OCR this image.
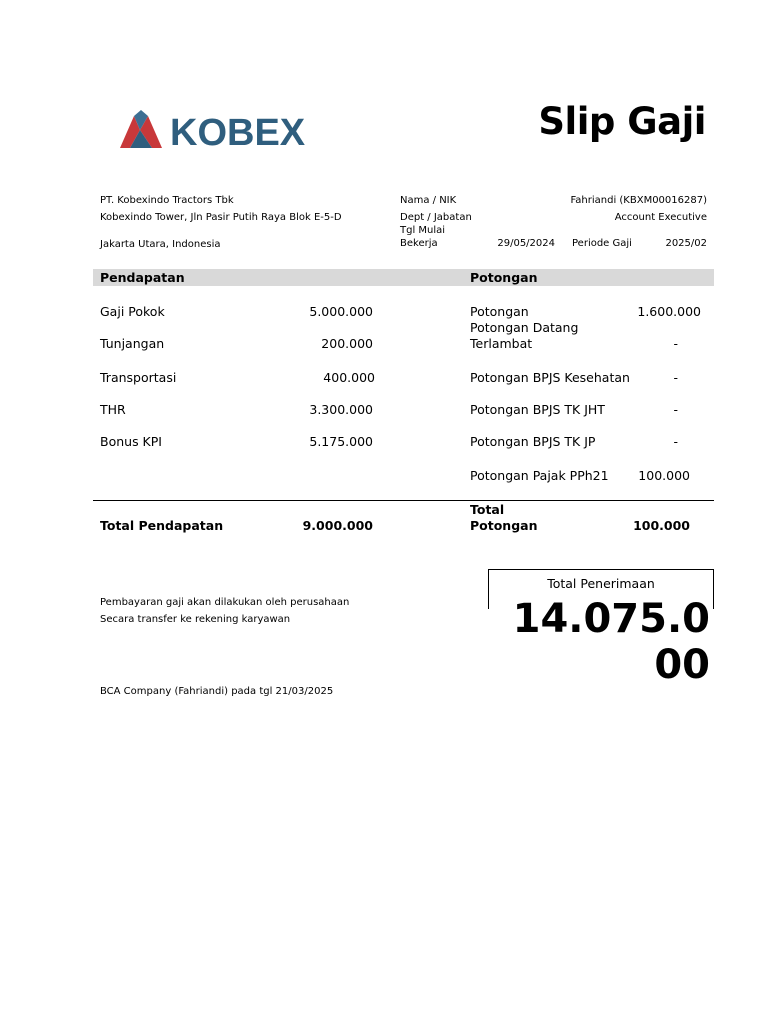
KOBEX	Slip Gaji
PT. Kobexindo Tractors Tbk
Kobexindo Tower, Jln Pasir Putih Raya Blok E-5-D
Jakarta Utara, Indonesia
Nama / NIK	Fahriandi (KBXM00016287)
Dept / Jabatan	Account Executive
Tgl Mulai
Bekerja	29/05/2024 Periode Gaji	2025/02
Pendapatan	Potongan
Gaji Pokok	5.000.000
Tunjangan	200.000
Transportasi	400.000
THR	3.300.000
Bonus KPI	5.175.000
Potongan	1.600.000
Potongan Datang
Terlambat	-
Potongan BPJS Kesehatan	-
Potongan BPJS TK JHT	-
Potongan BPJS TK JP	-
Potongan Pajak PPh21 100.000
Total Pendapatan	9.000.000
Total
Potongan	100.000
Pembayaran gaji akan dilakukan oleh perusahaan
Secara transfer ke rekening karyawan
BCA Company (Fahriandi) pada tgl 21/03/2025
Total Penerimaan
14.075.000
